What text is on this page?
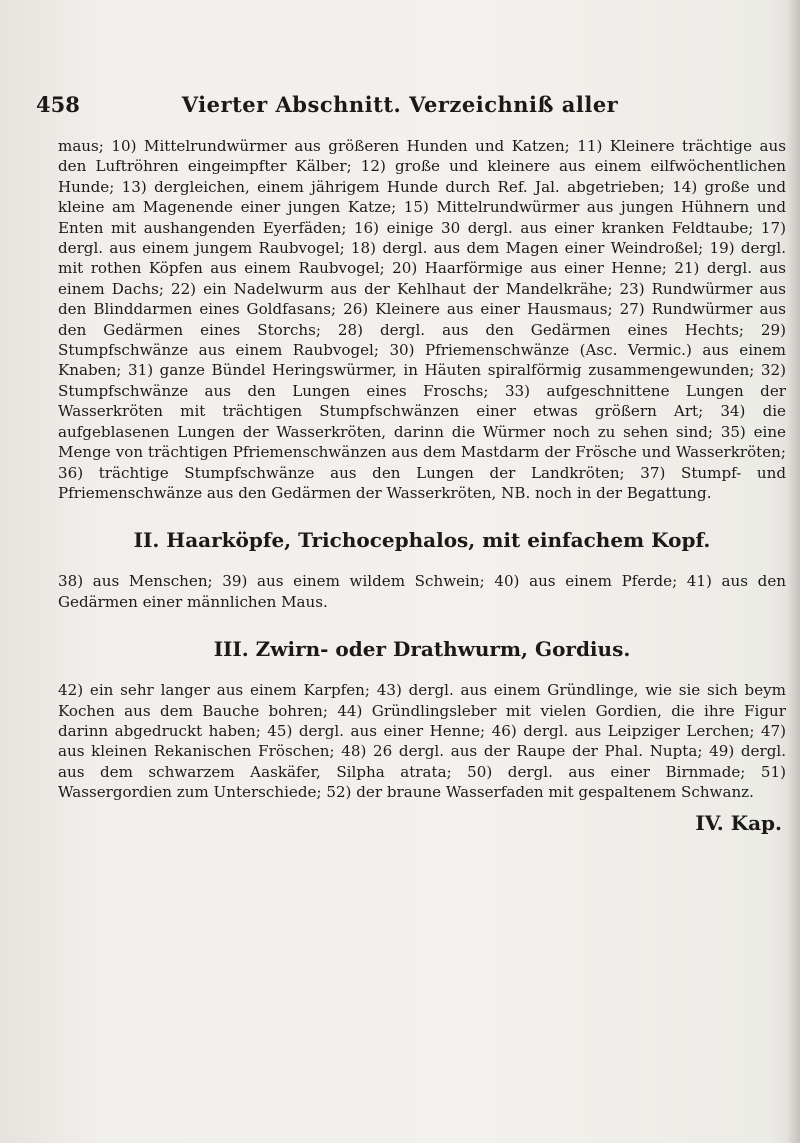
458	Vierter Abschnitt. Verzeichniß aller

maus; 10) Mittelrundwürmer aus größeren Hunden und Katzen; 11) Kleinere trächtige aus den Luftröhren eingeimpfter Kälber; 12) große und kleinere aus einem eilfwöchentlichen Hunde; 13) dergleichen, einem jährigem Hunde durch Ref. Jal. abgetrieben; 14) große und kleine am Magenende einer jungen Katze; 15) Mittelrundwürmer aus jungen Hühnern und Enten mit aushangenden Eyerfäden; 16) einige 30 dergl. aus einer kranken Feldtaube; 17) dergl. aus einem jungem Raubvogel; 18) dergl. aus dem Magen einer Weindroßel; 19) dergl. mit rothen Köpfen aus einem Raubvogel; 20) Haarförmige aus einer Henne; 21) dergl. aus einem Dachs; 22) ein Nadelwurm aus der Kehlhaut der Mandelkrähe; 23) Rundwürmer aus den Blinddarmen eines Goldfasans; 26) Kleinere aus einer Hausmaus; 27) Rundwürmer aus den Gedärmen eines Storchs; 28) dergl. aus den Gedärmen eines Hechts; 29) Stumpfschwänze aus einem Raubvogel; 30) Pfriemenschwänze (Asc. Vermic.) aus einem Knaben; 31) ganze Bündel Heringswürmer, in Häuten spiralförmig zusammengewunden; 32) Stumpfschwänze aus den Lungen eines Froschs; 33) aufgeschnittene Lungen der Wasserkröten mit trächtigen Stumpfschwänzen einer etwas größern Art; 34) die aufgeblasenen Lungen der Wasserkröten, darinn die Würmer noch zu sehen sind; 35) eine Menge von trächtigen Pfriemenschwänzen aus dem Mastdarm der Frösche und Wasserkröten; 36) trächtige Stumpfschwänze aus den Lungen der Landkröten; 37) Stumpf- und Pfriemenschwänze aus den Gedärmen der Wasserkröten, NB. noch in der Begattung.

II. Haarköpfe, Trichocephalos, mit einfachem Kopf.

38) aus Menschen; 39) aus einem wildem Schwein; 40) aus einem Pferde; 41) aus den Gedärmen einer männlichen Maus.

III. Zwirn- oder Drathwurm, Gordius.

42) ein sehr langer aus einem Karpfen; 43) dergl. aus einem Gründlinge, wie sie sich beym Kochen aus dem Bauche bohren; 44) Gründlingsleber mit vielen Gordien, die ihre Figur darinn abgedruckt haben; 45) dergl. aus einer Henne; 46) dergl. aus Leipziger Lerchen; 47) aus kleinen Rekanischen Fröschen; 48) 26 dergl. aus der Raupe der Phal. Nupta; 49) dergl. aus dem schwarzem Aaskäfer, Silpha atrata; 50) dergl. aus einer Birnmade; 51) Wassergordien zum Unterschiede; 52) der braune Wasserfaden mit gespaltenem Schwanz.

IV. Kap.
